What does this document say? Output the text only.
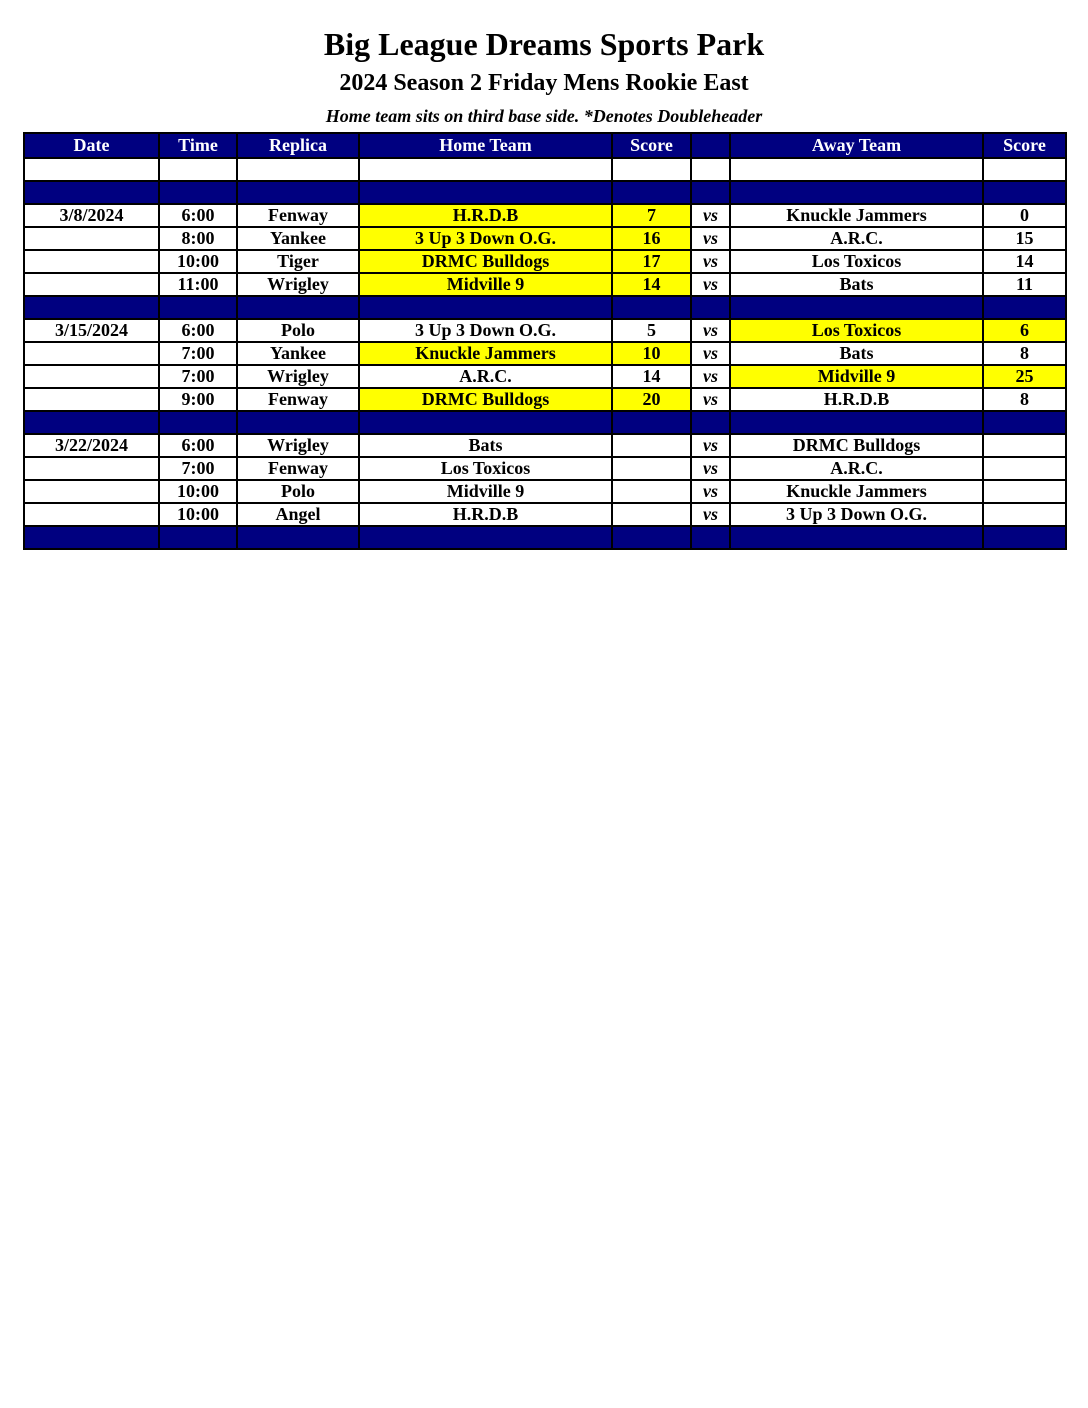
Big League Dreams Sports Park
2024 Season 2 Friday Mens Rookie East
Home team sits on third base side. *Denotes Doubleheader
Date	Time	Replica	Home Team	Score		Away Team	Score

3/8/2024	6:00	Fenway	H.R.D.B	7	vs	Knuckle Jammers	0
	8:00	Yankee	3 Up 3 Down O.G.	16	vs	A.R.C.	15
	10:00	Tiger	DRMC Bulldogs	17	vs	Los Toxicos	14
	11:00	Wrigley	Midville 9	14	vs	Bats	11

3/15/2024	6:00	Polo	3 Up 3 Down O.G.	5	vs	Los Toxicos	6
	7:00	Yankee	Knuckle Jammers	10	vs	Bats	8
	7:00	Wrigley	A.R.C.	14	vs	Midville 9	25
	9:00	Fenway	DRMC Bulldogs	20	vs	H.R.D.B	8

3/22/2024	6:00	Wrigley	Bats		vs	DRMC Bulldogs	
	7:00	Fenway	Los Toxicos		vs	A.R.C.	
	10:00	Polo	Midville 9		vs	Knuckle Jammers	
	10:00	Angel	H.R.D.B		vs	3 Up 3 Down O.G.	
